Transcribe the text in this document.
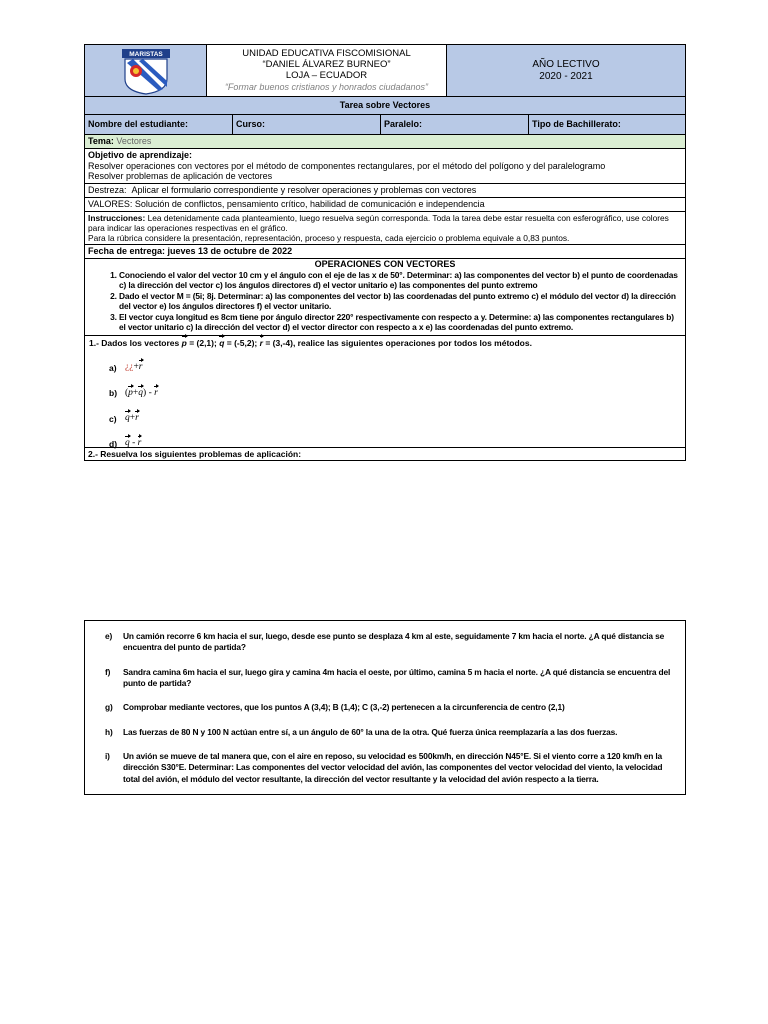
MARISTAS	UNIDAD EDUCATIVA FISCOMISIONAL
“DANIEL ÁLVAREZ BURNEO”
LOJA – ECUADOR
“Formar buenos cristianos y honrados ciudadanos”
AÑO LECTIVO
2020 - 2021
Tarea sobre Vectores
Nombre del estudiante:	Curso:	Paralelo:	Tipo de Bachillerato:
Tema:
Vectores
Objetivo de aprendizaje:
Resolver operaciones con vectores por el método de componentes rectangulares, por el método del polígono y del paralelogramo
Resolver problemas de aplicación de vectores
Destreza:
Aplicar el formulario correspondiente y resolver operaciones y problemas con vectores
VALORES:
Solución de conflictos, pensamiento crítico, habilidad de comunicación e independencia
Instrucciones: Lea detenidamente cada planteamiento, luego resuelva según corresponda. Toda la tarea debe estar resuelta con esferográfico, use colores para indicar las operaciones respectivas en el gráfico.
Para la rúbrica considere la presentación, representación, proceso y respuesta, cada ejercicio o problema equivale a 0,83 puntos.
Fecha de entrega: jueves 13 de octubre de 2022
OPERACIONES CON VECTORES
1. Conociendo el valor del vector 10 cm y el ángulo con el eje de las x de 50°. Determinar: a) las componentes del vector b) el punto de coordenadas c) la dirección del vector c) los ángulos directores d) el vector unitario e) las componentes del punto extremo
2. Dado el vector M = (5i; 8j. Determinar: a) las componentes del vector b) las coordenadas del punto extremo c) el módulo del vector d) la dirección del vector e) los ángulos directores f) el vector unitario.
3. El vector cuya longitud es 8cm tiene por ángulo director 220° respectivamente con respecto a y. Determine: a) las componentes rectangulares b) el vector unitario c) la dirección del vector d) el vector director con respecto a x e) las coordenadas del punto extremo.
1.- Dados los vectores p = (2,1); q = (-5,2); r = (3,-4), realice las siguientes operaciones por todos los métodos.
a) ¿¿ + r
b) ( p + q ) -
r
c) q + r
d) q
-
r
2.- Resuelva los siguientes problemas de aplicación:
e)	Un camión recorre 6 km hacia el sur, luego, desde ese punto se desplaza 4 km al este, seguidamente 7 km hacia el norte. ¿A qué distancia se encuentra del punto de partida?
f)	Sandra camina 6m hacia el sur, luego gira y camina 4m hacia el oeste, por último, camina 5 m hacia el norte. ¿A qué distancia se encuentra del punto de partida?
g)	Comprobar mediante vectores, que los puntos A (3,4); B (1,4); C (3,-2) pertenecen a la circunferencia de centro (2,1)
h)	Las fuerzas de 80 N y 100 N actúan entre sí, a un ángulo de 60° la una de la otra. Qué fuerza única reemplazaría a las dos fuerzas.
i)	Un avión se mueve de tal manera que, con el aire en reposo, su velocidad es 500km/h, en dirección N45°E. Si el viento corre a 120 km/h en la dirección S30°E. Determinar: Las componentes del vector velocidad del avión, las componentes del vector velocidad del viento, la velocidad total del avión, el módulo del vector resultante, la dirección del vector resultante y la velocidad del avión respecto a la tierra.
